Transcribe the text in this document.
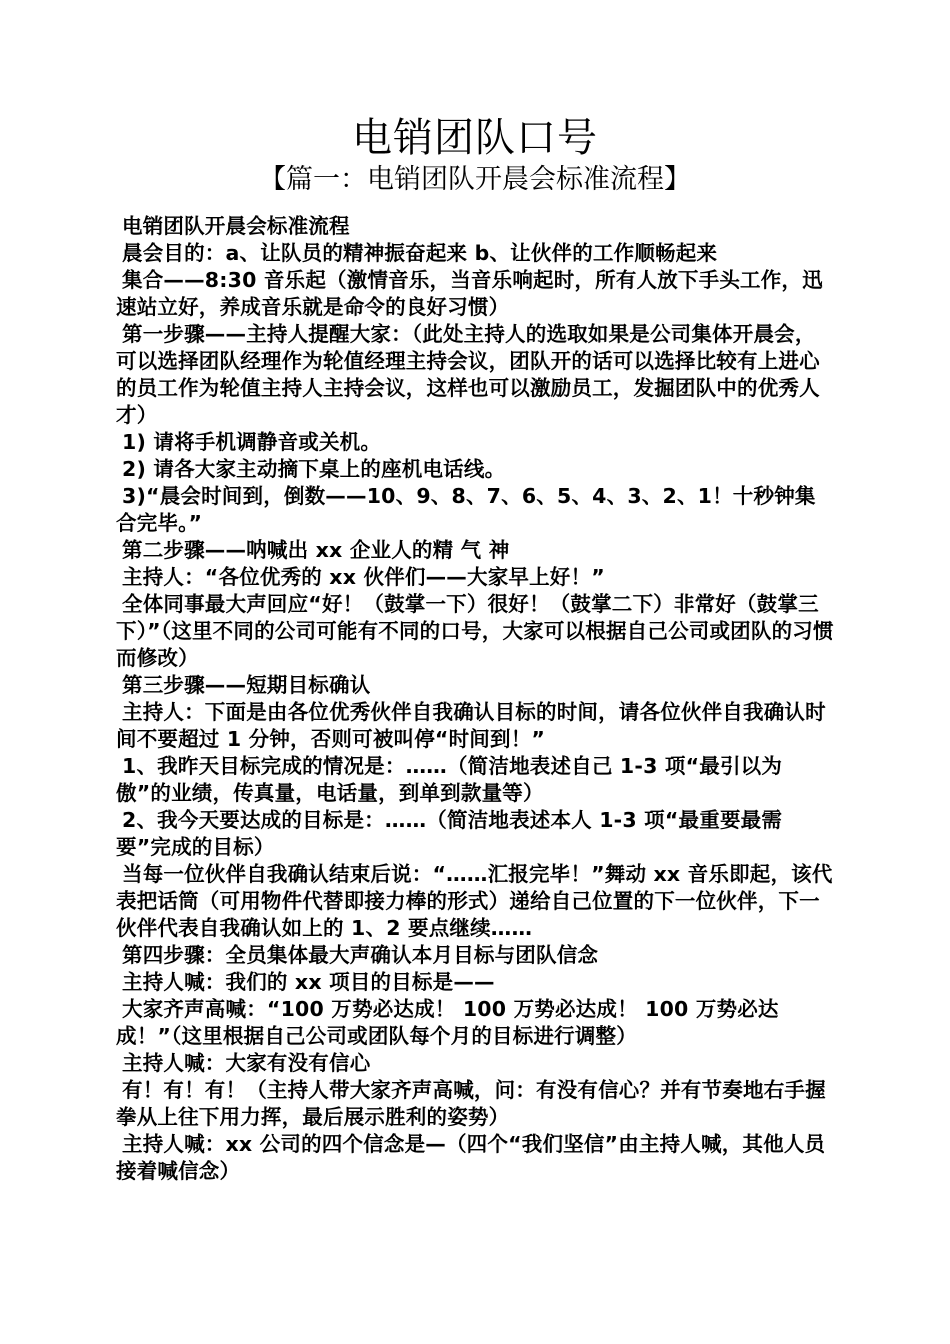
电销团队口号
【篇一：电销团队开晨会标准流程】

电销团队开晨会标准流程

晨会目的：a、让队员的精神振奋起来 b、让伙伴的工作顺畅起来

集合——8:30 音乐起（激情音乐，当音乐响起时，所有人放下手头工作，迅速站立好，养成音乐就是命令的良好习惯）

第一步骤——主持人提醒大家：（此处主持人的选取如果是公司集体开晨会，可以选择团队经理作为轮值经理主持会议，团队开的话可以选择比较有上进心的员工作为轮值主持人主持会议，这样也可以激励员工，发掘团队中的优秀人才）

1) 请将手机调静音或关机。

2) 请各大家主动摘下桌上的座机电话线。

3)“晨会时间到，倒数——10、9、8、7、6、5、4、3、2、1！十秒钟集合完毕。”

第二步骤——呐喊出 xx 企业人的精 气 神

主持人：“各位优秀的 xx 伙伴们——大家早上好！”

全体同事最大声回应“好！（鼓掌一下）很好！（鼓掌二下）非常好（鼓掌三下）”（这里不同的公司可能有不同的口号，大家可以根据自己公司或团队的习惯而修改）

第三步骤——短期目标确认

主持人：下面是由各位优秀伙伴自我确认目标的时间，请各位伙伴自我确认时间不要超过 1 分钟，否则可被叫停“时间到！”

1、我昨天目标完成的情况是：……（简洁地表述自己 1-3 项“最引以为傲”的业绩，传真量，电话量，到单到款量等）

2、我今天要达成的目标是：……（简洁地表述本人 1-3 项“最重要最需要”完成的目标）

当每一位伙伴自我确认结束后说：“……汇报完毕！”舞动 xx 音乐即起，该代表把话筒（可用物件代替即接力棒的形式）递给自己位置的下一位伙伴，下一伙伴代表自我确认如上的 1、2 要点继续……

第四步骤：全员集体最大声确认本月目标与团队信念

主持人喊：我们的 xx 项目的目标是——

大家齐声高喊：“100 万势必达成！ 100 万势必达成！ 100 万势必达成！”（这里根据自己公司或团队每个月的目标进行调整）

主持人喊：大家有没有信心

有！有！有！（主持人带大家齐声高喊，问：有没有信心？并有节奏地右手握拳从上往下用力挥，最后展示胜利的姿势）

主持人喊：xx 公司的四个信念是—（四个“我们坚信”由主持人喊，其他人员接着喊信念）
